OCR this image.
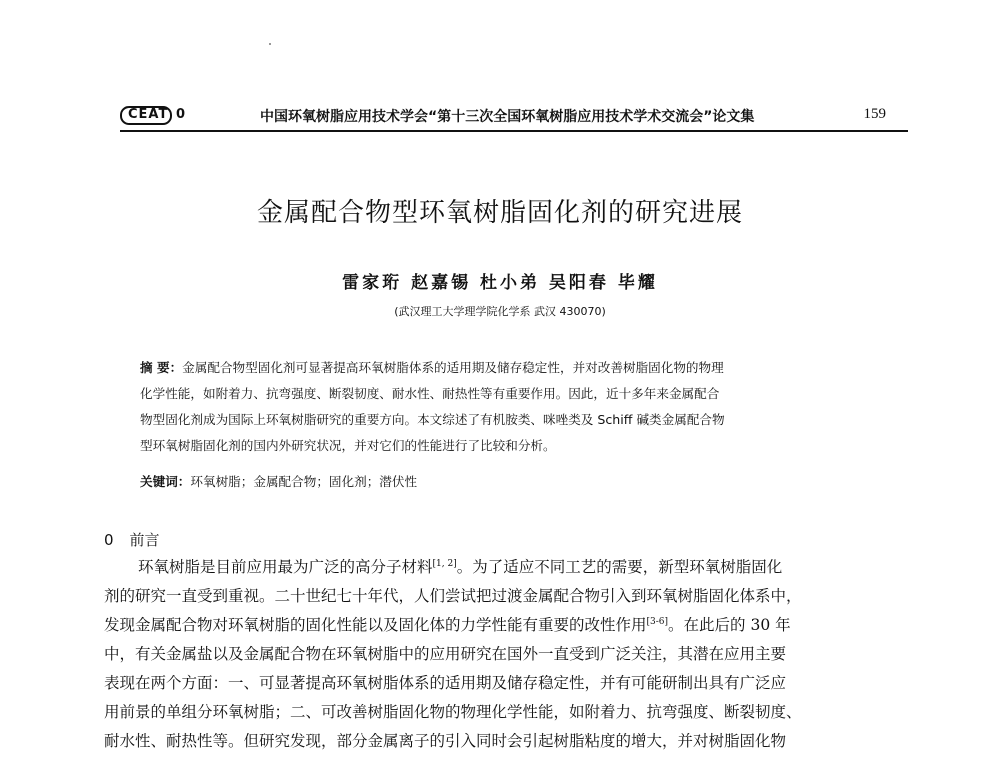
CEAT 0	中国环氧树脂应用技术学会“第十三次全国环氧树脂应用技术学术交流会”论文集	159
金属配合物型环氧树脂固化剂的研究进展
雷家珩 赵嘉锡 杜小弟 吴阳春 毕耀
(武汉理工大学理学院化学系 武汉 430070)
摘 要：金属配合物型固化剂可显著提高环氧树脂体系的适用期及储存稳定性，并对改善树脂固化物的物理
化学性能，如附着力、抗弯强度、断裂韧度、耐水性、耐热性等有重要作用。因此，近十多年来金属配合
物型固化剂成为国际上环氧树脂研究的重要方向。本文综述了有机胺类、咪唑类及 Schiff 碱类金属配合物
型环氧树脂固化剂的国内外研究状况，并对它们的性能进行了比较和分析。
关键词：环氧树脂；金属配合物；固化剂；潜伏性
0 前言
环氧树脂是目前应用最为广泛的高分子材料[1, 2]。为了适应不同工艺的需要，新型环氧树脂固化
剂的研究一直受到重视。二十世纪七十年代，人们尝试把过渡金属配合物引入到环氧树脂固化体系中，
发现金属配合物对环氧树脂的固化性能以及固化体的力学性能有重要的改性作用[3-6]。在此后的 30 年
中，有关金属盐以及金属配合物在环氧树脂中的应用研究在国外一直受到广泛关注，其潜在应用主要
表现在两个方面：一、可显著提高环氧树脂体系的适用期及储存稳定性，并有可能研制出具有广泛应
用前景的单组分环氧树脂；二、可改善树脂固化物的物理化学性能，如附着力、抗弯强度、断裂韧度、
耐水性、耐热性等。但研究发现，部分金属离子的引入同时会引起树脂粘度的增大，并对树脂固化物
